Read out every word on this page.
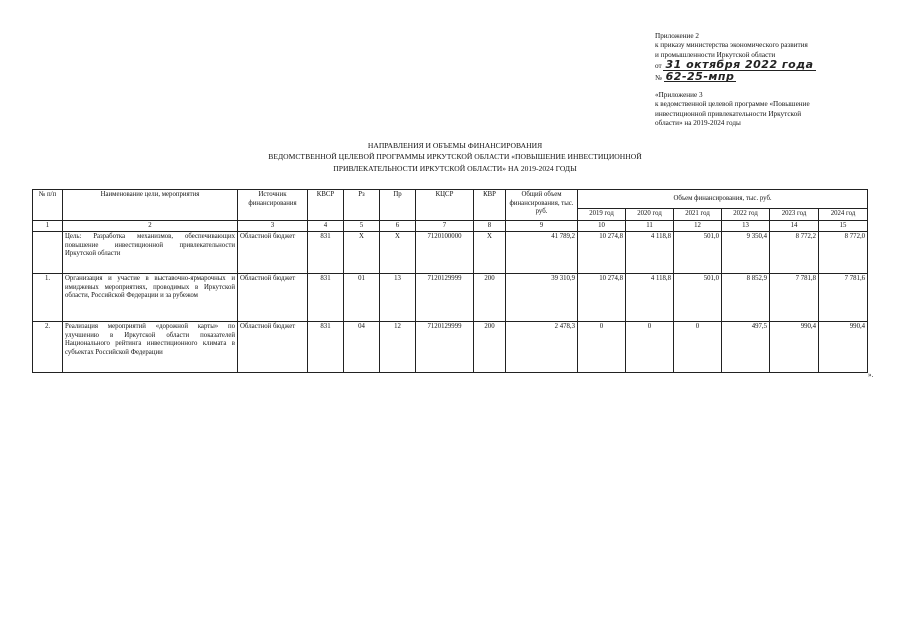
Приложение 2
к приказу министерства экономического развития
и промышленности Иркутской области
от 31 октября 2022 года
№ 62-25-мпр
«Приложение 3
к ведомственной целевой программе «Повышение
инвестиционной привлекательности Иркутской
области» на 2019-2024 годы
НАПРАВЛЕНИЯ И ОБЪЕМЫ ФИНАНСИРОВАНИЯ
ВЕДОМСТВЕННОЙ ЦЕЛЕВОЙ ПРОГРАММЫ ИРКУТСКОЙ ОБЛАСТИ «ПОВЫШЕНИЕ ИНВЕСТИЦИОННОЙ
ПРИВЛЕКАТЕЛЬНОСТИ ИРКУТСКОЙ ОБЛАСТИ» НА 2019-2024 ГОДЫ
№ п/п	Наименование цели, мероприятия	Источник финансирования	КВСР	Рз	Пр	КЦСР	КВР	Общий объем финансирования, тыс. руб.	Объем финансирования, тыс. руб.					
									2019 год	2020 год	2021 год	2022 год	2023 год	2024 год
1	2	3	4	5	6	7	8	9	10	11	12	13	14	15
	Цель: Разработка механизмов, обеспечивающих повышение инвестиционной привлекательности Иркутской области	Областной бюджет	831	Х	Х	7120100000	Х	41 789,2	10 274,8	4 118,8	501,0	9 350,4	8 772,2	8 772,0
1.	Организация и участие в выставочно-ярмарочных и имиджевых мероприятиях, проводимых в Иркутской области, Российской Федерации и за рубежом	Областной бюджет	831	01	13	7120129999	200	39 310,9	10 274,8	4 118,8	501,0	8 852,9	7 781,8	7 781,6
2.	Реализация мероприятий «дорожной карты» по улучшению в Иркутской области показателей Национального рейтинга инвестиционного климата в субъектах Российской Федерации	Областной бюджет	831	04	12	7120129999	200	2 478,3	0	0	0	497,5	990,4	990,4
».
